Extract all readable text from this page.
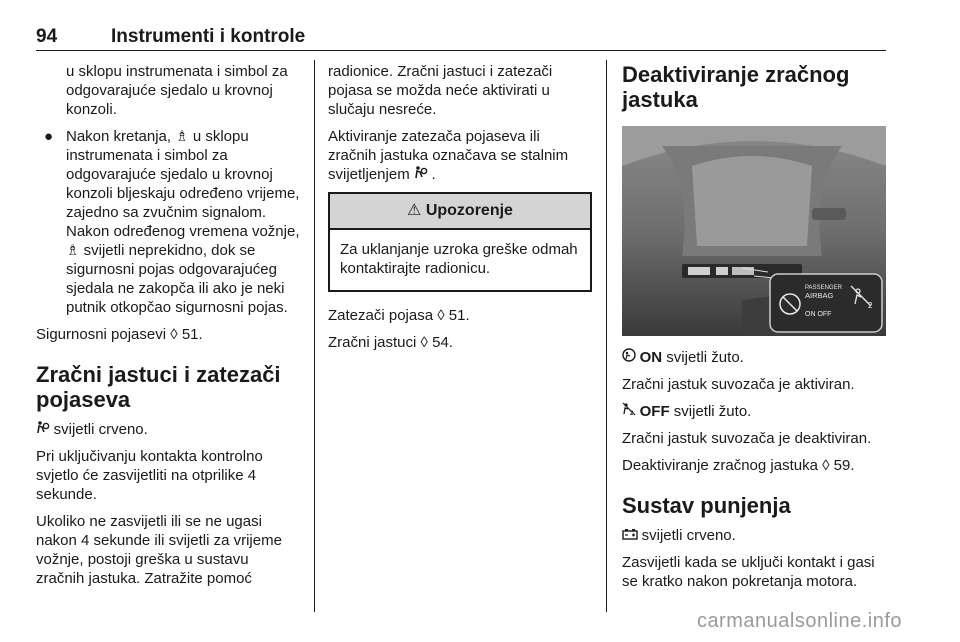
94	Instrumenti i kontrole

u sklopu instrumenata i simbol za odgovarajuće sjedalo u krovnoj konzoli.

● Nakon kretanja, ♗ u sklopu instrumenata i simbol za odgovarajuće sjedalo u krovnoj konzoli bljeskaju određeno vrijeme, zajedno sa zvučnim signalom. Nakon određenog vremena vožnje, ♗ svijetli neprekidno, dok se sigurnosni pojas odgovarajućeg sjedala ne zakopča ili ako je neki putnik otkopčao sigurnosni pojas.

Sigurnosni pojasevi ◊ 51.

Zračni jastuci i zatezači pojaseva

svijetli crveno.

Pri uključivanju kontakta kontrolno svjetlo će zasvijetliti na otprilike 4 sekunde.

Ukoliko ne zasvijetli ili se ne ugasi nakon 4 sekunde ili svijetli za vrijeme vožnje, postoji greška u sustavu zračnih jastuka. Zatražite pomoć

radionice. Zračni jastuci i zatezači pojasa se možda neće aktivirati u slučaju nesreće.

Aktiviranje zatezača pojaseva ili zračnih jastuka označava se stalnim svijetljenjem .

⚠ Upozorenje
Za uklanjanje uzroka greške odmah kontaktirajte radionicu.

Zatezači pojasa ◊ 51.

Zračni jastuci ◊ 54.

Deaktiviranje zračnog jastuka
PASSENGER
AIRBAG
ON OFF
2

ON svijetli žuto.

Zračni jastuk suvozača je aktiviran.

2 OFF svijetli žuto.

Zračni jastuk suvozača je deaktiviran.

Deaktiviranje zračnog jastuka ◊ 59.

Sustav punjenja

svijetli crveno.

Zasvijetli kada se uključi kontakt i gasi se kratko nakon pokretanja motora.

carmanualsonline.info
